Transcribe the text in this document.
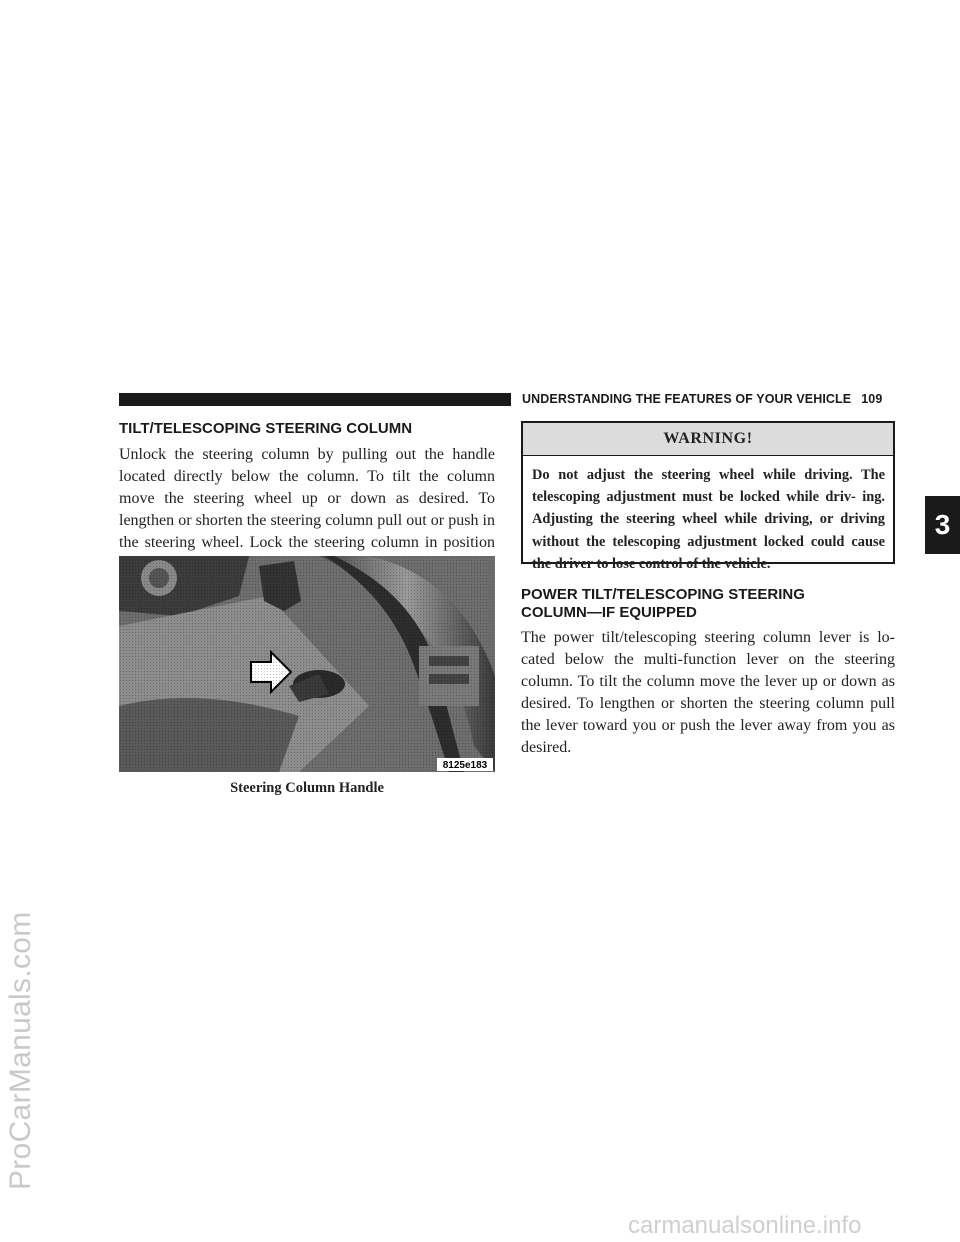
UNDERSTANDING THE FEATURES OF YOUR VEHICLE 109
3
TILT/TELESCOPING STEERING COLUMN

Unlock the steering column by pulling out the handle located directly below the column. To tilt the column move the steering wheel up or down as desired. To lengthen or shorten the steering column pull out or push in the steering wheel. Lock the steering column in position

8125e183
Steering Column Handle
WARNING!
Do not adjust the steering wheel while driving. The telescoping adjustment must be locked while driv- ing. Adjusting the steering wheel while driving, or driving without the telescoping adjustment locked could cause the driver to lose control of the vehicle.
POWER TILT/TELESCOPING STEERING
COLUMN—IF EQUIPPED

The power tilt/telescoping steering column lever is lo- cated below the multi-function lever on the steering column. To tilt the column move the lever up or down as desired. To lengthen or shorten the steering column pull the lever toward you or push the lever away from you as desired.

ProCarManuals.com
carmanualsonline.info
